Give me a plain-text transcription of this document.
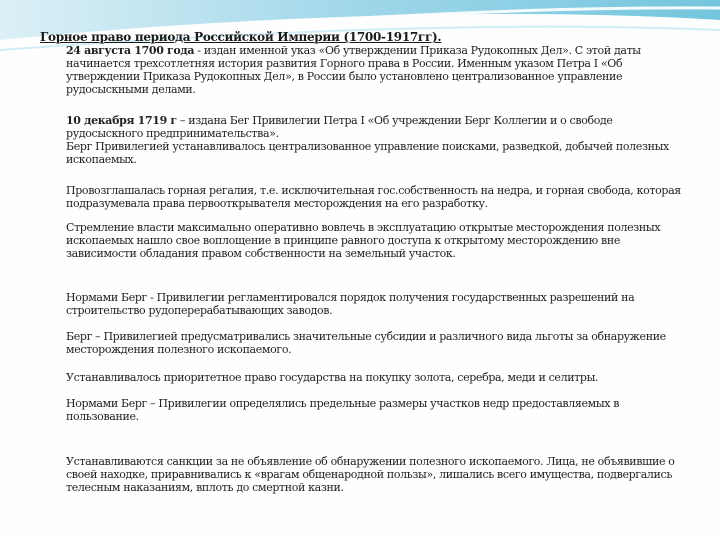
Горное право периода Российской Империи (1700-1917гг).

24 августа 1700 года - издан именной указ «Об утверждении Приказа Рудокопных Дел». С этой даты начинается трехсотлетняя история развития Горного права в России. Именным указом Петра I «Об утверждении Приказа Рудокопных Дел», в России было установлено централизованное управление рудосыскными делами.

10 декабря 1719 г – издана Бег Привилегии Петра I «Об учреждении Берг Коллегии и о свободе рудосыскного предпринимательства».
Берг Привилегией устанавливалось централизованное управление поисками, разведкой, добычей полезных ископаемых.

Провозглашалась горная регалия, т.е. исключительная гос.собственность на недра, и горная свобода, которая подразумевала права первооткрывателя месторождения на его разработку.

Стремление власти максимально оперативно вовлечь в эксплуатацию открытые месторождения полезных ископаемых нашло свое воплощение в принципе равного доступа к открытому месторождению вне зависимости обладания правом собственности на земельный участок.

Нормами Берг - Привилегии регламентировался порядок получения государственных разрешений на строительство рудоперерабатывающих заводов.

Берг – Привилегией предусматривались значительные субсидии и различного вида льготы за обнаружение месторождения полезного ископаемого.

Устанавливалось приоритетное право государства на покупку золота, серебра, меди и селитры.

Нормами Берг – Привилегии определялись предельные размеры участков недр предоставляемых в пользование.

Устанавливаются санкции за не объявление об обнаружении полезного ископаемого. Лица, не объявившие о своей находке, приравнивались к «врагам общенародной пользы», лишались всего имущества, подвергались телесным наказаниям, вплоть до смертной казни.
